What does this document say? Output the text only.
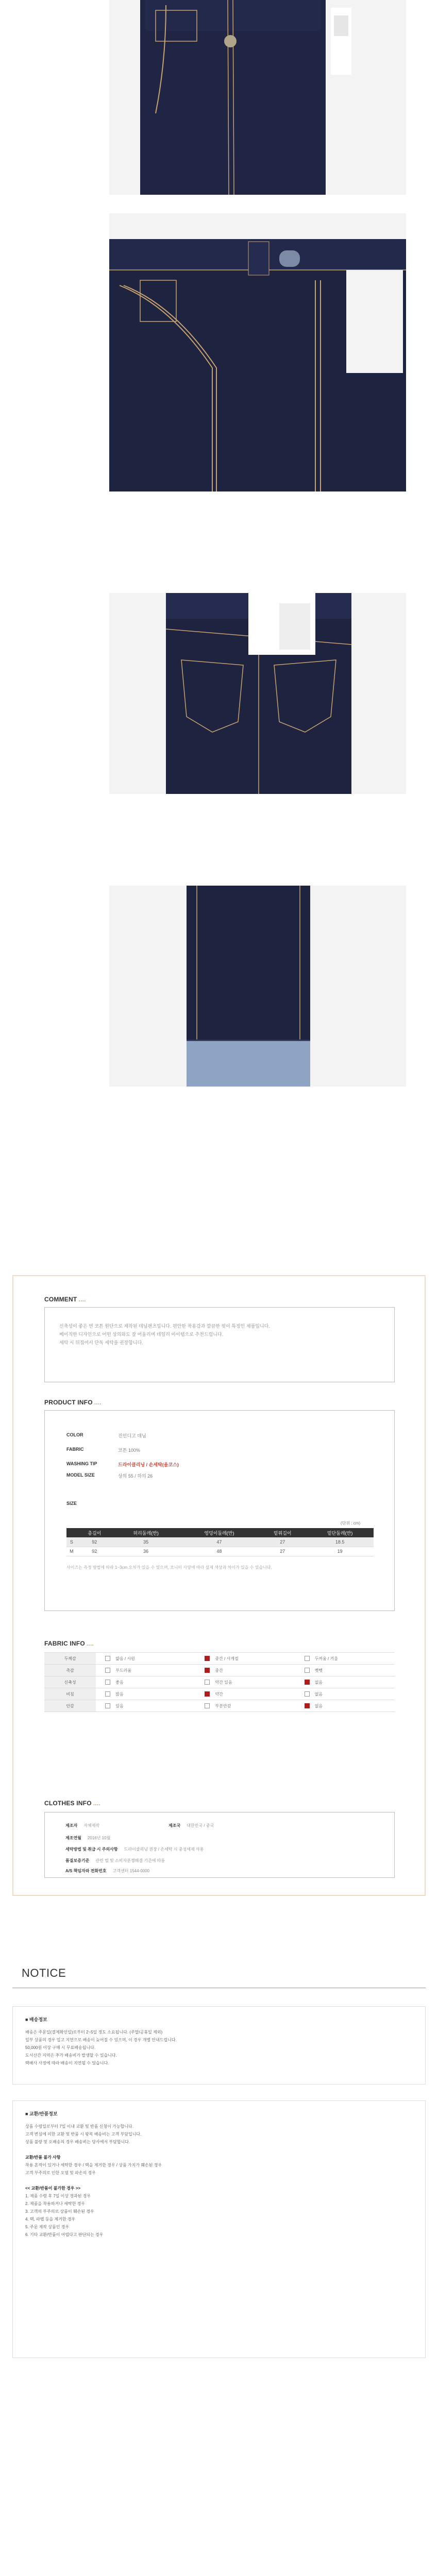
COMMENT ....

신축성이 좋은 면 코튼 원단으로 제작된 데님팬츠입니다. 편안한 착용감과 깔끔한 핏이 특징인 제품입니다.

베이직한 디자인으로 어떤 상의와도 잘 어울리며 데일리 아이템으로 추천드립니다.

세탁 시 뒤집어서 단독 세탁을 권장합니다.

PRODUCT INFO ....
COLOR	진인디고 데님
FABRIC	코튼 100%
WASHING TIP	드라이클리닝 / 손세탁(울코스)
MODEL SIZE	상의 55 / 하의 26
SIZE
(단위 : cm)
	총길이	허리둘레(반)	엉덩이둘레(반)	밑위길이	밑단둘레(반)
S	92	35	47	27	18.5
M	92	36	48	27	19
사이즈는 측정 방법에 따라 1~3cm 오차가 있을 수 있으며, 모니터 사양에 따라 실제 색상과 차이가 있을 수 있습니다.
FABRIC INFO ....
두께감	얇음 / 시원	중간 / 사계절	두꺼움 / 겨울
촉감	부드러움	중간	뻣뻣
신축성	좋음	약간 있음	없음
비침	많음	약간	없음
안감	있음	부분안감	없음
CLOTHES INFO ....
제조자 자체제작	제조국 대한민국 / 중국
제조연월 2016년 10월
세탁방법 및 취급 시 주의사항 드라이클리닝 권장 / 손세탁 시 중성세제 사용
품질보증기준 관련 법 및 소비자분쟁해결 기준에 따름
A/S 책임자와 전화번호 고객센터 1544-0000
NOTICE
■ 배송정보

배송은 주문일(결제확인일)로부터 2~5일 정도 소요됩니다. (주말/공휴일 제외)

일부 상품의 경우 입고 지연으로 배송이 늦어질 수 있으며, 이 경우 개별 안내드립니다.

50,000원 이상 구매 시 무료배송됩니다.

도서산간 지역은 추가 배송비가 발생할 수 있습니다.

택배사 사정에 따라 배송이 지연될 수 있습니다.

■ 교환/반품정보

상품 수령일로부터 7일 이내 교환 및 반품 신청이 가능합니다.

고객 변심에 의한 교환 및 반품 시 왕복 배송비는 고객 부담입니다.

상품 불량 및 오배송의 경우 배송비는 당사에서 부담합니다.

교환/반품 불가 사항

착용 흔적이 있거나 세탁한 경우 / 택을 제거한 경우 / 상품 가치가 훼손된 경우

고객 부주의로 인한 오염 및 파손의 경우

<< 교환/반품이 불가한 경우 >>

1. 제품 수령 후 7일 이상 경과된 경우

2. 제품을 착용하거나 세탁한 경우

3. 고객의 부주의로 상품이 훼손된 경우

4. 택, 라벨 등을 제거한 경우

5. 주문 제작 상품인 경우

6. 기타 교환/반품이 어렵다고 판단되는 경우
